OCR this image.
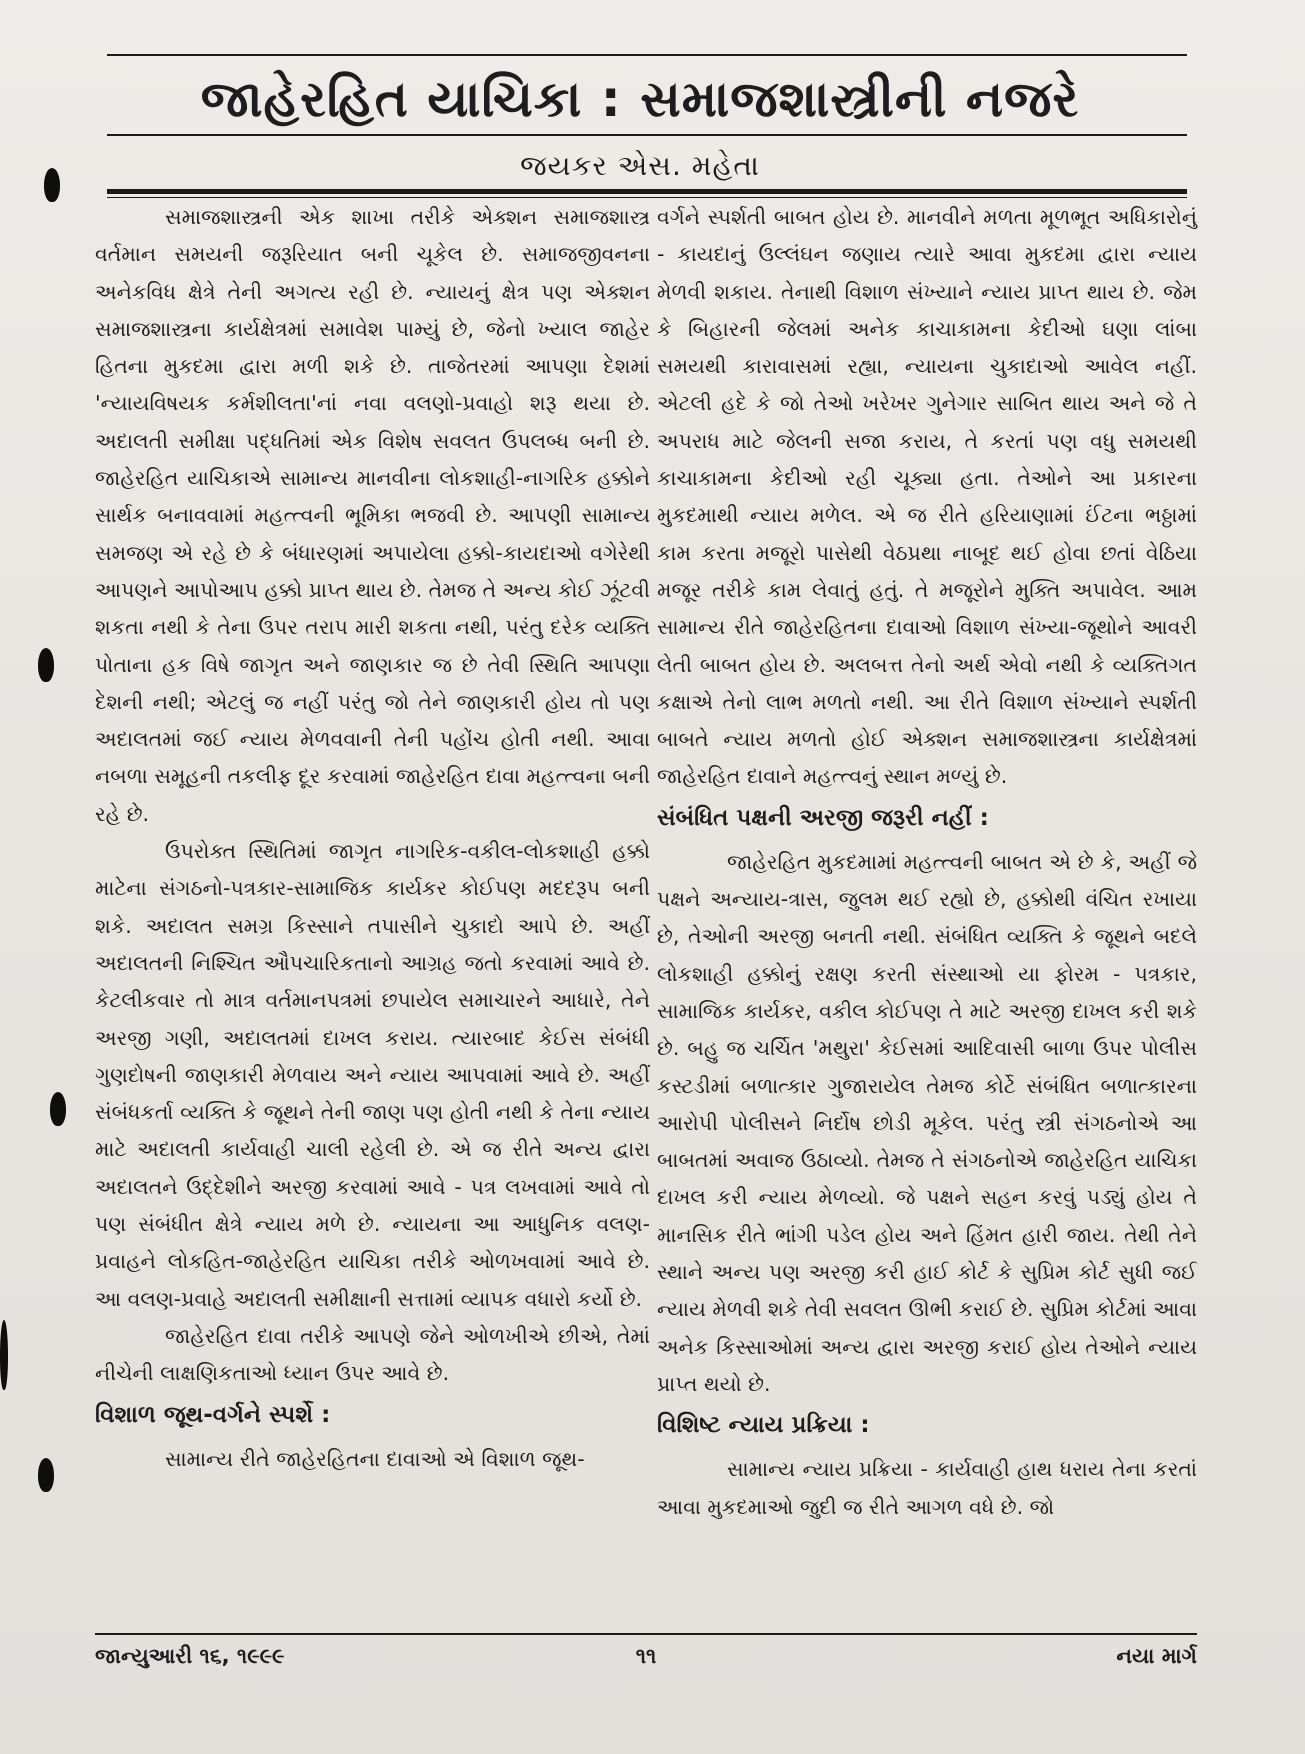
જાહેરહિત યાચિકા : સમાજશાસ્ત્રીની નજરે
જયકર એસ. મહેતા

સમાજશાસ્ત્રની એક શાખા તરીકે એક્શન સમાજશાસ્ત્ર વર્તમાન સમયની જરૂરિયાત બની ચૂકેલ છે. સમાજજીવનના અનેકવિધ ક્ષેત્રે તેની અગત્ય રહી છે. ન્યાયનું ક્ષેત્ર પણ એક્શન સમાજશાસ્ત્રના કાર્યક્ષેત્રમાં સમાવેશ પામ્યું છે, જેનો ખ્યાલ જાહેર હિતના મુકદમા દ્વારા મળી શકે છે. તાજેતરમાં આપણા દેશમાં 'ન્યાયવિષયક કર્મશીલતા'નાં નવા વલણો-પ્રવાહો શરૂ થયા છે. અદાલતી સમીક્ષા પદ્ધતિમાં એક વિશેષ સવલત ઉપલબ્ધ બની છે. જાહેરહિત યાચિકાએ સામાન્ય માનવીના લોકશાહી-નાગરિક હક્કોને સાર્થક બનાવવામાં મહત્ત્વની ભૂમિકા ભજવી છે. આપણી સામાન્ય સમજણ એ રહે છે કે બંધારણમાં અપાયેલા હક્કો-કાયદાઓ વગેરેથી આપણને આપોઆપ હક્કો પ્રાપ્ત થાય છે. તેમજ તે અન્ય કોઈ ઝૂંટવી શકતા નથી કે તેના ઉપર તરાપ મારી શકતા નથી, પરંતુ દરેક વ્યક્તિ પોતાના હક વિષે જાગૃત અને જાણકાર જ છે તેવી સ્થિતિ આપણા દેશની નથી; એટલું જ નહીં પરંતુ જો તેને જાણકારી હોય તો પણ અદાલતમાં જઈ ન્યાય મેળવવાની તેની પહોંચ હોતી નથી. આવા નબળા સમૂહની તકલીફ દૂર કરવામાં જાહેરહિત દાવા મહત્ત્વના બની રહે છે.

ઉપરોક્ત સ્થિતિમાં જાગૃત નાગરિક-વકીલ-લોકશાહી હક્કો માટેના સંગઠનો-પત્રકાર-સામાજિક કાર્યકર કોઈપણ મદદરૂપ બની શકે. અદાલત સમગ્ર કિસ્સાને તપાસીને ચુકાદો આપે છે. અહીં અદાલતની નિશ્ચિત ઔપચારિકતાનો આગ્રહ જતો કરવામાં આવે છે. કેટલીકવાર તો માત્ર વર્તમાનપત્રમાં છપાયેલ સમાચારને આધારે, તેને અરજી ગણી, અદાલતમાં દાખલ કરાય. ત્યારબાદ કેઈસ સંબંધી ગુણદોષની જાણકારી મેળવાય અને ન્યાય આપવામાં આવે છે. અહીં સંબંધકર્તા વ્યક્તિ કે જૂથને તેની જાણ પણ હોતી નથી કે તેના ન્યાય માટે અદાલતી કાર્યવાહી ચાલી રહેલી છે. એ જ રીતે અન્ય દ્વારા અદાલતને ઉદ્દેશીને અરજી કરવામાં આવે - પત્ર લખવામાં આવે તો પણ સંબંધીત ક્ષેત્રે ન્યાય મળે છે. ન્યાયના આ આધુનિક વલણ-પ્રવાહને લોકહિત-જાહેરહિત યાચિકા તરીકે ઓળખવામાં આવે છે. આ વલણ-પ્રવાહે અદાલતી સમીક્ષાની સત્તામાં વ્યાપક વધારો કર્યો છે.

જાહેરહિત દાવા તરીકે આપણે જેને ઓળખીએ છીએ, તેમાં નીચેની લાક્ષણિકતાઓ ધ્યાન ઉપર આવે છે.

વિશાળ જૂથ-વર્ગને સ્પર્શે :

સામાન્ય રીતે જાહેરહિતના દાવાઓ એ વિશાળ જૂથ-

વર્ગને સ્પર્શતી બાબત હોય છે. માનવીને મળતા મૂળભૂત અધિકારોનું - કાયદાનું ઉલ્લંઘન જણાય ત્યારે આવા મુકદમા દ્વારા ન્યાય મેળવી શકાય. તેનાથી વિશાળ સંખ્યાને ન્યાય પ્રાપ્ત થાય છે. જેમ કે બિહારની જેલમાં અનેક કાચાકામના કેદીઓ ઘણા લાંબા સમયથી કારાવાસમાં રહ્યા, ન્યાયના ચુકાદાઓ આવેલ નહીં. એટલી હદે કે જો તેઓ ખરેખર ગુનેગાર સાબિત થાય અને જે તે અપરાધ માટે જેલની સજા કરાય, તે કરતાં પણ વધુ સમયથી કાચાકામના કેદીઓ રહી ચૂક્યા હતા. તેઓને આ પ્રકારના મુકદમાથી ન્યાય મળેલ. એ જ રીતે હરિયાણામાં ઈંટના ભઠ્ઠામાં કામ કરતા મજૂરો પાસેથી વેઠપ્રથા નાબૂદ થઈ હોવા છતાં વેઠિયા મજૂર તરીકે કામ લેવાતું હતું. તે મજૂરોને મુક્તિ અપાવેલ. આમ સામાન્ય રીતે જાહેરહિતના દાવાઓ વિશાળ સંખ્યા-જૂથોને આવરી લેતી બાબત હોય છે. અલબત્ત તેનો અર્થ એવો નથી કે વ્યક્તિગત કક્ષાએ તેનો લાભ મળતો નથી. આ રીતે વિશાળ સંખ્યાને સ્પર્શતી બાબતે ન્યાય મળતો હોઈ એક્શન સમાજશાસ્ત્રના કાર્યક્ષેત્રમાં જાહેરહિત દાવાને મહત્ત્વનું સ્થાન મળ્યું છે.

સંબંધિત પક્ષની અરજી જરૂરી નહીં :

જાહેરહિત મુકદમામાં મહત્ત્વની બાબત એ છે કે, અહીં જે પક્ષને અન્યાય-ત્રાસ, જુલમ થઈ રહ્યો છે, હક્કોથી વંચિત રખાયા છે, તેઓની અરજી બનતી નથી. સંબંધિત વ્યક્તિ કે જૂથને બદલે લોકશાહી હક્કોનું રક્ષણ કરતી સંસ્થાઓ યા ફોરમ - પત્રકાર, સામાજિક કાર્યકર, વકીલ કોઈપણ તે માટે અરજી દાખલ કરી શકે છે. બહુ જ ચર્ચિત 'મથુરા' કેઈસમાં આદિવાસી બાળા ઉપર પોલીસ કસ્ટડીમાં બળાત્કાર ગુજારાયેલ તેમજ કોર્ટે સંબંધિત બળાત્કારના આરોપી પોલીસને નિર્દોષ છોડી મૂકેલ. પરંતુ સ્ત્રી સંગઠનોએ આ બાબતમાં અવાજ ઉઠાવ્યો. તેમજ તે સંગઠનોએ જાહેરહિત યાચિકા દાખલ કરી ન્યાય મેળવ્યો. જે પક્ષને સહન કરવું પડ્યું હોય તે માનસિક રીતે ભાંગી પડેલ હોય અને હિંમત હારી જાય. તેથી તેને સ્થાને અન્ય પણ અરજી કરી હાઈ કોર્ટ કે સુપ્રિમ કોર્ટ સુધી જઈ ન્યાય મેળવી શકે તેવી સવલત ઊભી કરાઈ છે. સુપ્રિમ કોર્ટમાં આવા અનેક કિસ્સાઓમાં અન્ય દ્વારા અરજી કરાઈ હોય તેઓને ન્યાય પ્રાપ્ત થયો છે.

વિશિષ્ટ ન્યાય પ્રક્રિયા :

સામાન્ય ન્યાય પ્રક્રિયા - કાર્યવાહી હાથ ધરાય તેના કરતાં આવા મુકદમાઓ જુદી જ રીતે આગળ વધે છે. જો

જાન્યુઆરી ૧૬, ૧૯૯૯	૧૧	નયા માર્ગ
